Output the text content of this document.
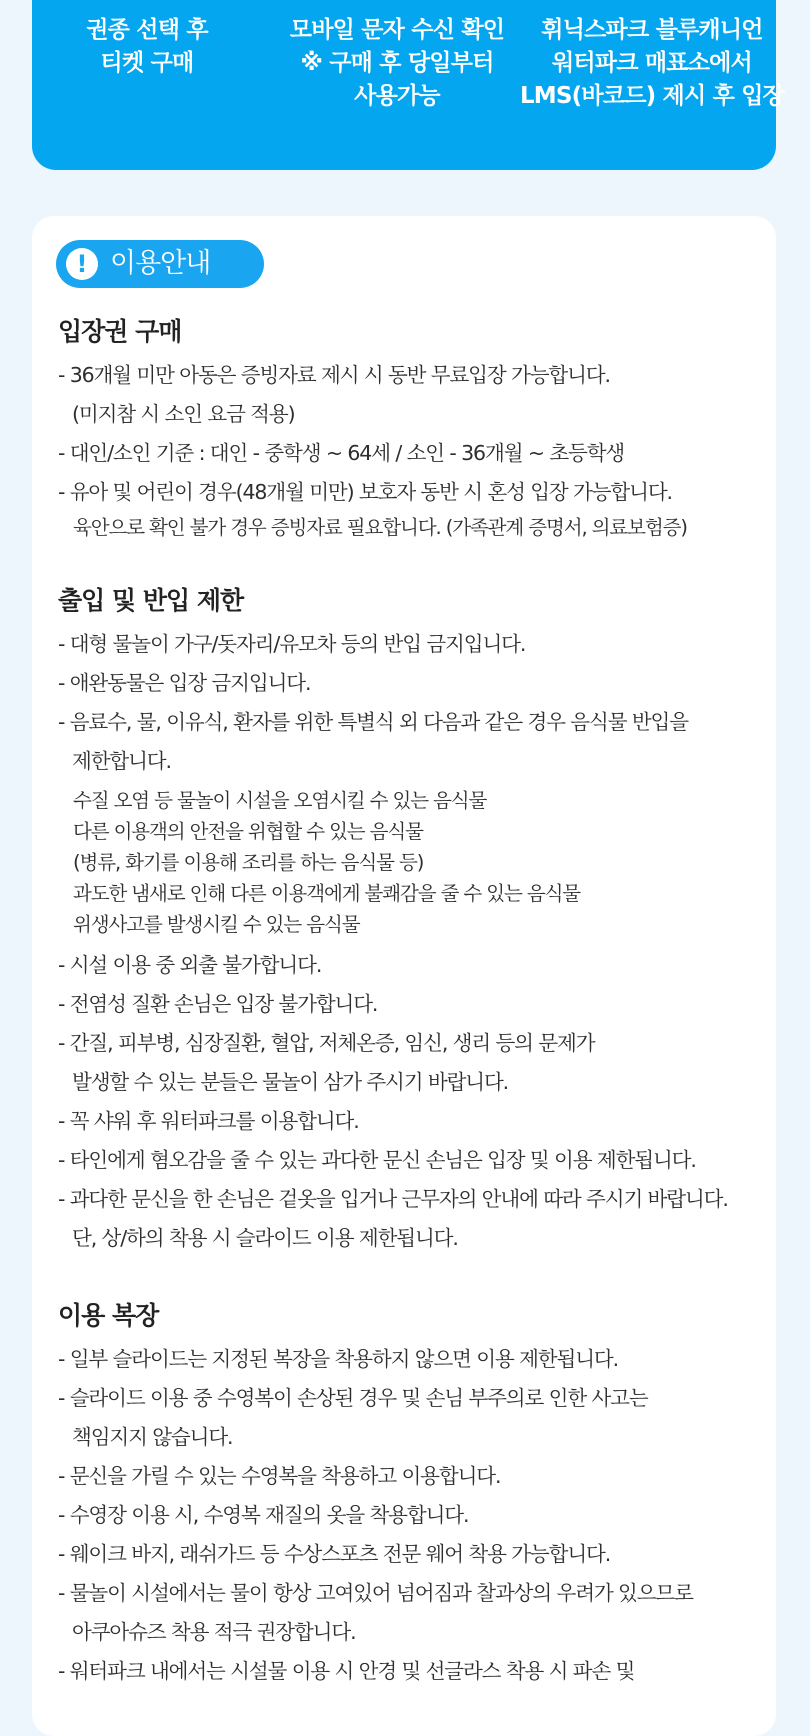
권종 선택 후
티켓 구매
모바일 문자 수신 확인
※ 구매 후 당일부터
사용가능
휘닉스파크 블루캐니언
워터파크 매표소에서
LMS(바코드) 제시 후 입장
! 이용안내
입장권 구매
- 36개월 미만 아동은 증빙자료 제시 시 동반 무료입장 가능합니다.
(미지참 시 소인 요금 적용)
- 대인/소인 기준 : 대인 - 중학생 ~ 64세 / 소인 - 36개월 ~ 초등학생
- 유아 및 어린이 경우(48개월 미만) 보호자 동반 시 혼성 입장 가능합니다.
육안으로 확인 불가 경우 증빙자료 필요합니다. (가족관계 증명서, 의료보험증)
출입 및 반입 제한
- 대형 물놀이 가구/돗자리/유모차 등의 반입 금지입니다.
- 애완동물은 입장 금지입니다.
- 음료수, 물, 이유식, 환자를 위한 특별식 외 다음과 같은 경우 음식물 반입을
제한합니다.
수질 오염 등 물놀이 시설을 오염시킬 수 있는 음식물
다른 이용객의 안전을 위협할 수 있는 음식물
(병류, 화기를 이용해 조리를 하는 음식물 등)
과도한 냄새로 인해 다른 이용객에게 불쾌감을 줄 수 있는 음식물
위생사고를 발생시킬 수 있는 음식물
- 시설 이용 중 외출 불가합니다.
- 전염성 질환 손님은 입장 불가합니다.
- 간질, 피부병, 심장질환, 혈압, 저체온증, 임신, 생리 등의 문제가
발생할 수 있는 분들은 물놀이 삼가 주시기 바랍니다.
- 꼭 샤워 후 워터파크를 이용합니다.
- 타인에게 혐오감을 줄 수 있는 과다한 문신 손님은 입장 및 이용 제한됩니다.
- 과다한 문신을 한 손님은 겉옷을 입거나 근무자의 안내에 따라 주시기 바랍니다.
단, 상/하의 착용 시 슬라이드 이용 제한됩니다.
이용 복장
- 일부 슬라이드는 지정된 복장을 착용하지 않으면 이용 제한됩니다.
- 슬라이드 이용 중 수영복이 손상된 경우 및 손님 부주의로 인한 사고는
책임지지 않습니다.
- 문신을 가릴 수 있는 수영복을 착용하고 이용합니다.
- 수영장 이용 시, 수영복 재질의 옷을 착용합니다.
- 웨이크 바지, 래쉬가드 등 수상스포츠 전문 웨어 착용 가능합니다.
- 물놀이 시설에서는 물이 항상 고여있어 넘어짐과 찰과상의 우려가 있으므로
아쿠아슈즈 착용 적극 권장합니다.
- 워터파크 내에서는 시설물 이용 시 안경 및 선글라스 착용 시 파손 및
